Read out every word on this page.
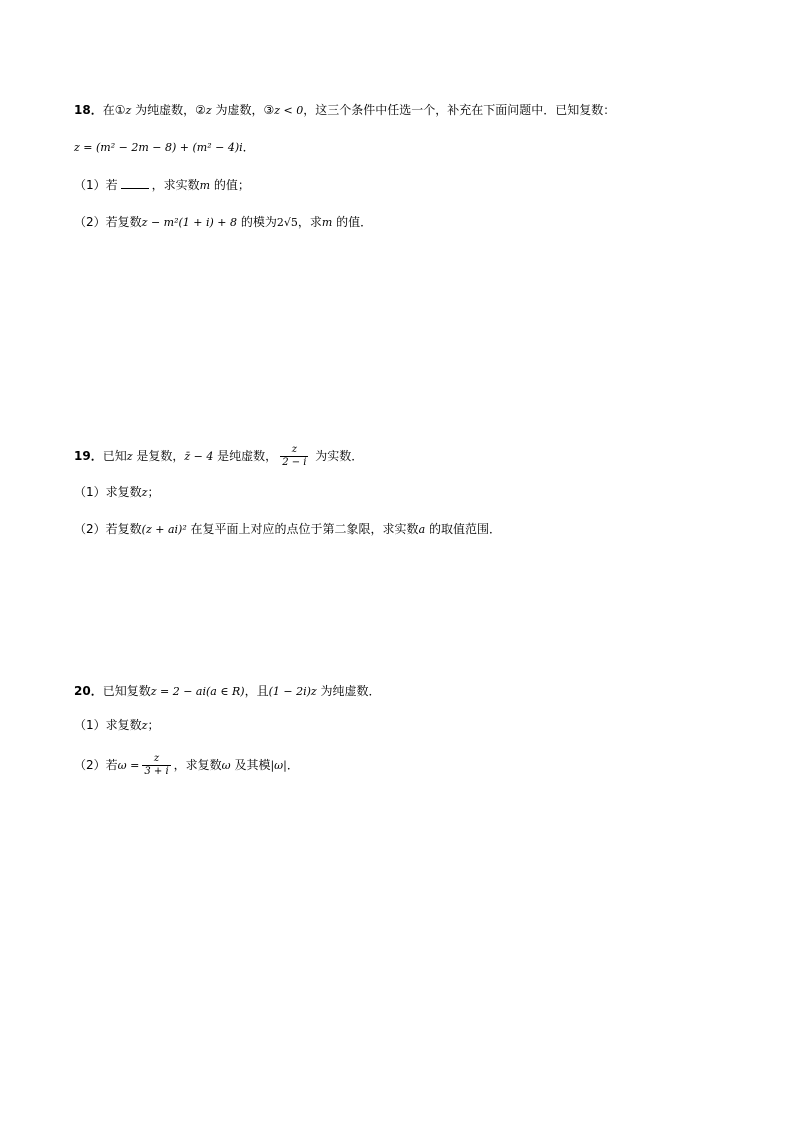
18．在①z 为纯虚数，②z 为虚数，③z < 0，这三个条件中任选一个，补充在下面问题中．已知复数：
z = (m² − 2m − 8) + (m² − 4)i．
（1）若	，求实数m 的值；
（2）若复数z − m²(1 + i) + 8 的模为2√5，求m 的值．
19．已知z 是复数，z̄ − 4 是纯虚数， $\frac{z}{2 - i}$ 为实数．
（1）求复数z；
（2）若复数(z + ai)² 在复平面上对应的点位于第二象限，求实数a 的取值范围．
20．已知复数z = 2 − ai(a ∈ R)，且(1 − 2i)z 为纯虚数．
（1）求复数z；
（2）若$\omega = \frac{z}{3 + i}$ ，求复数ω 及其模|ω|．
